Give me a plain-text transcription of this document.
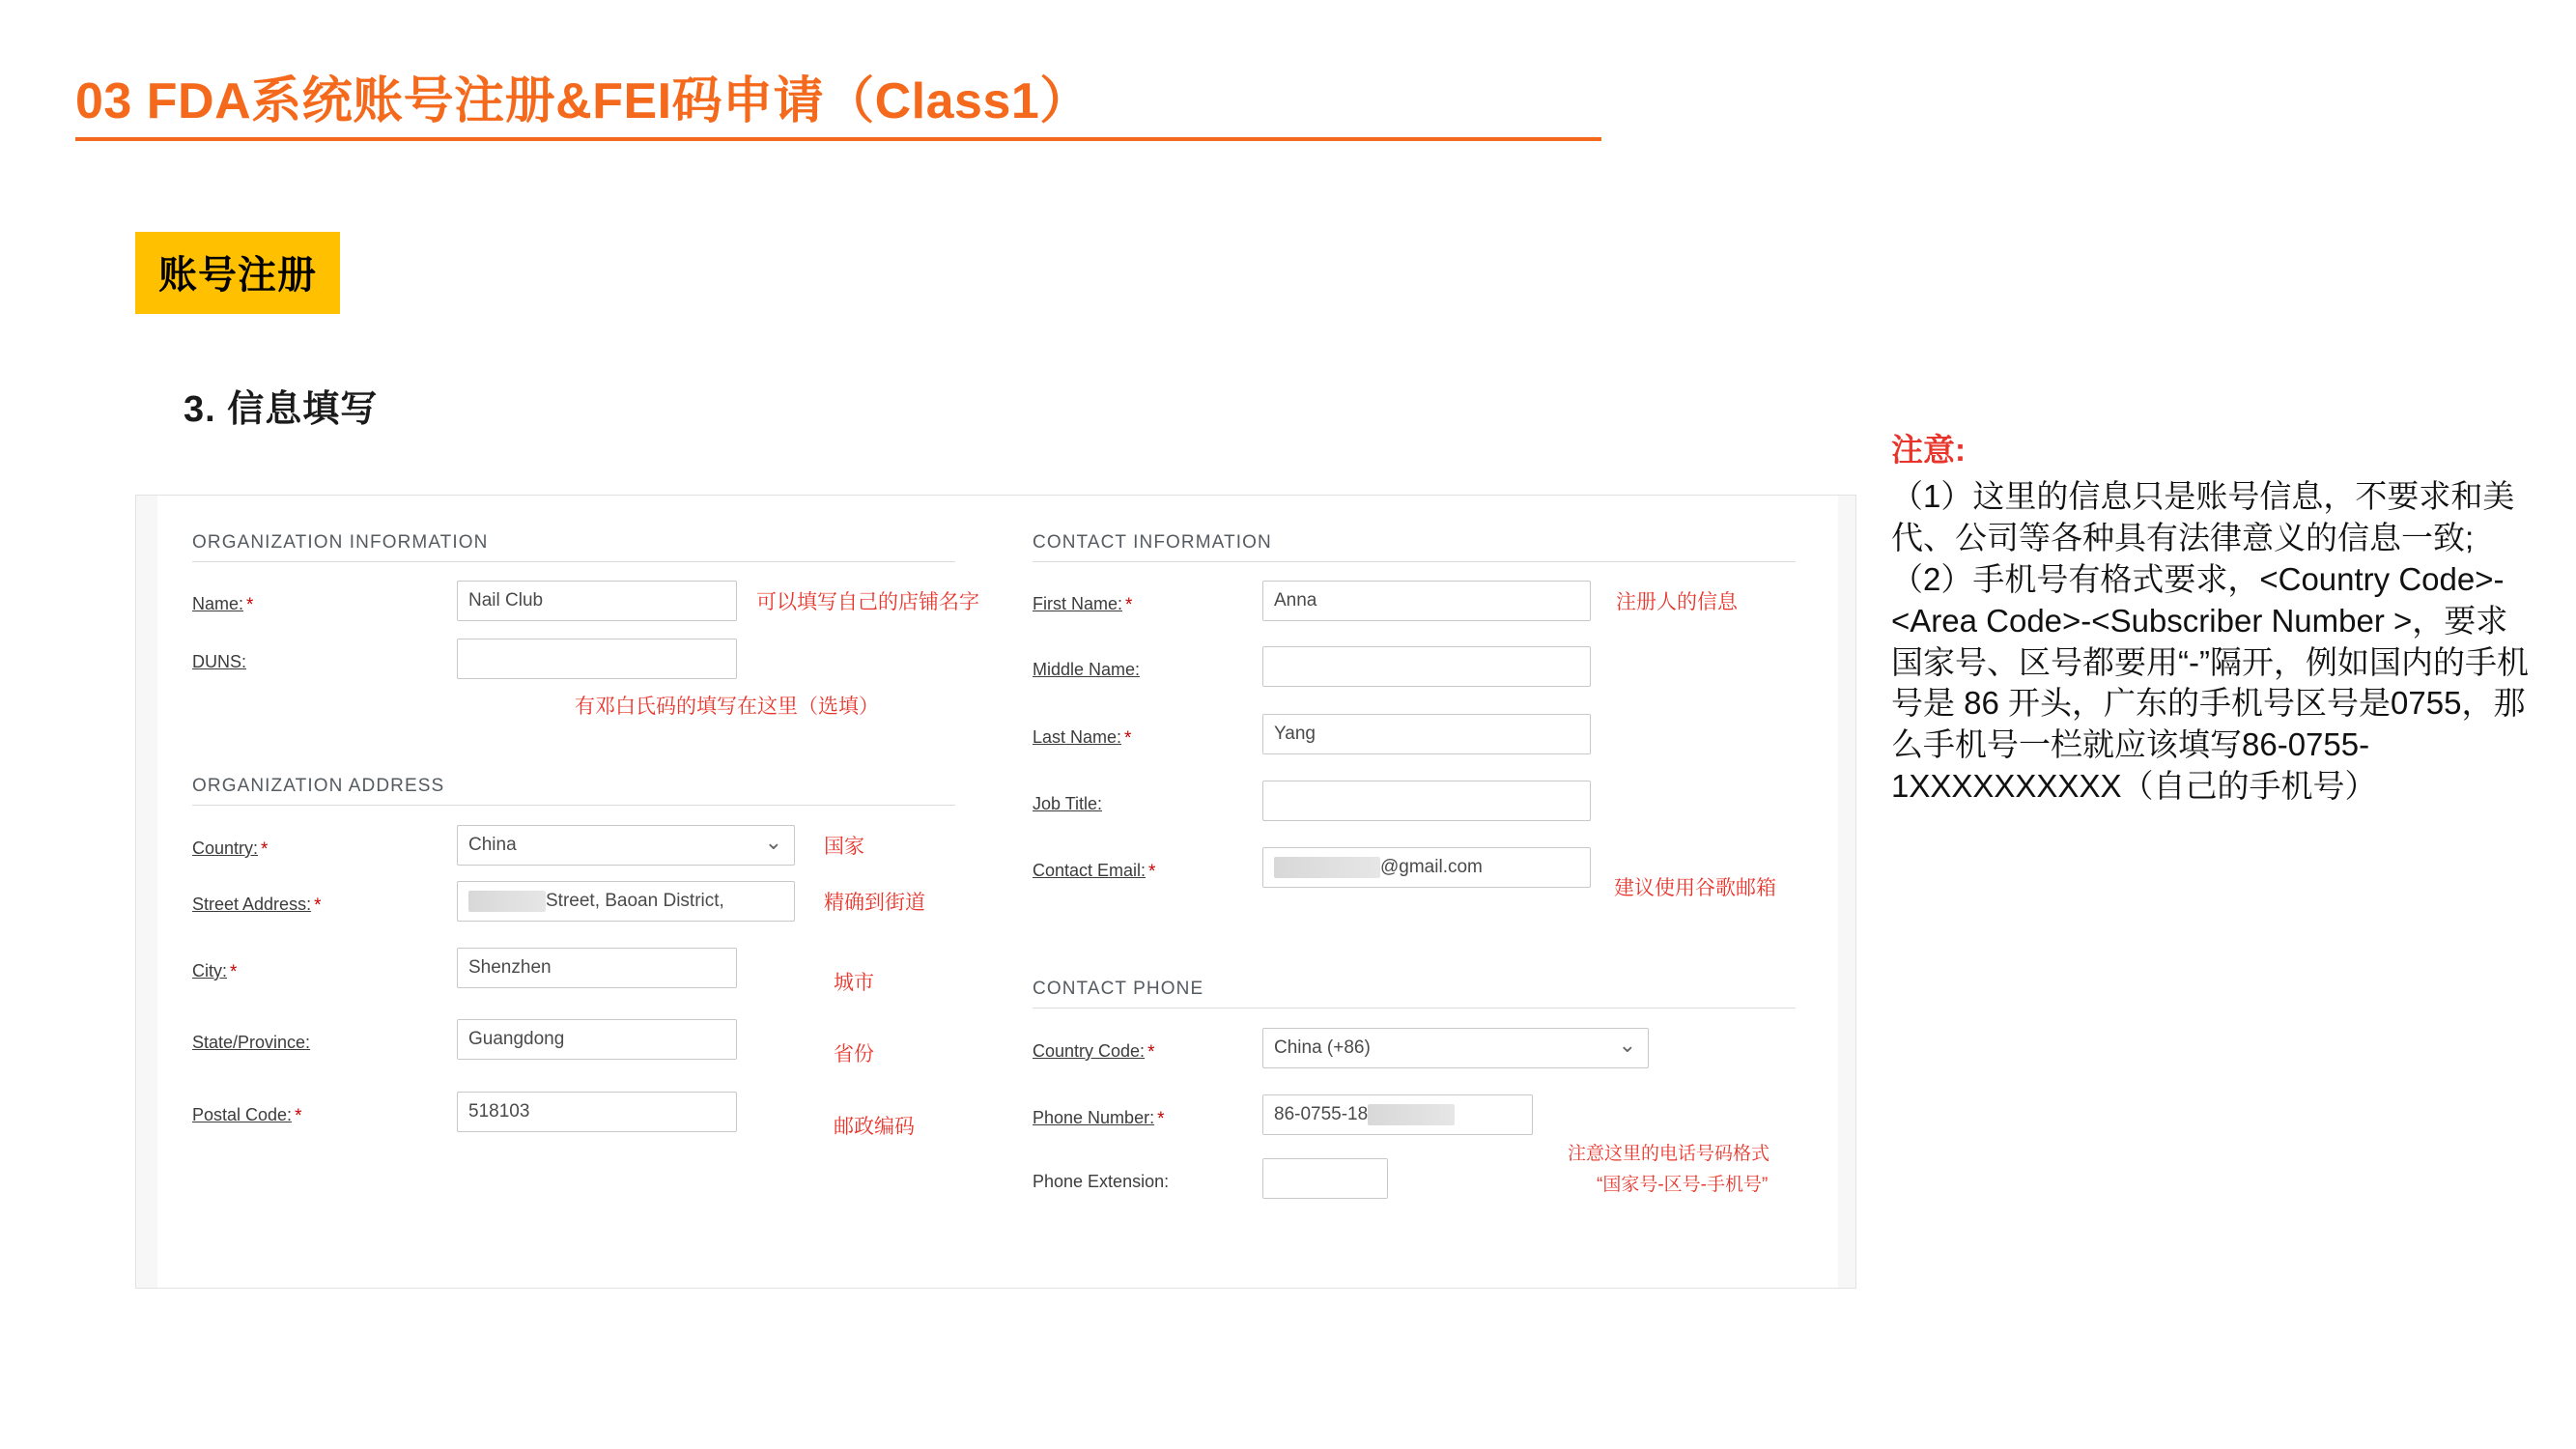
03 FDA系统账号注册&FEI码申请（Class1）
账号注册
3. 信息填写
ORGANIZATION INFORMATION
Name: *	Nail Club	可以填写自己的店铺名字
DUNS:
有邓白氏码的填写在这里（选填）
ORGANIZATION ADDRESS
Country: *	China ⌄	国家
Street Address: *	Street, Baoan District,	精确到街道
City: *	Shenzhen
城市
State/Province:	Guangdong
省份
Postal Code: *	518103
邮政编码
CONTACT INFORMATION
First Name: *	Anna	注册人的信息
Middle Name:
Last Name: *	Yang
Job Title:
Contact Email: *	@gmail.com
建议使用谷歌邮箱
CONTACT PHONE
Country Code: *	China (+86) ⌄
Phone Number: *	86-0755-18
注意这里的电话号码格式
“国家号-区号-手机号”
Phone Extension:
注意:

（1）这里的信息只是账号信息，不要求和美代、公司等各种具有法律意义的信息一致;

（2）手机号有格式要求，<Country Code>-<Area Code>-<Subscriber Number >，要求国家号、区号都要用“-”隔开，例如国内的手机号是 86 开头，广东的手机号区号是0755，那么手机号一栏就应该填写86-0755-1XXXXXXXXXX（自己的手机号）
